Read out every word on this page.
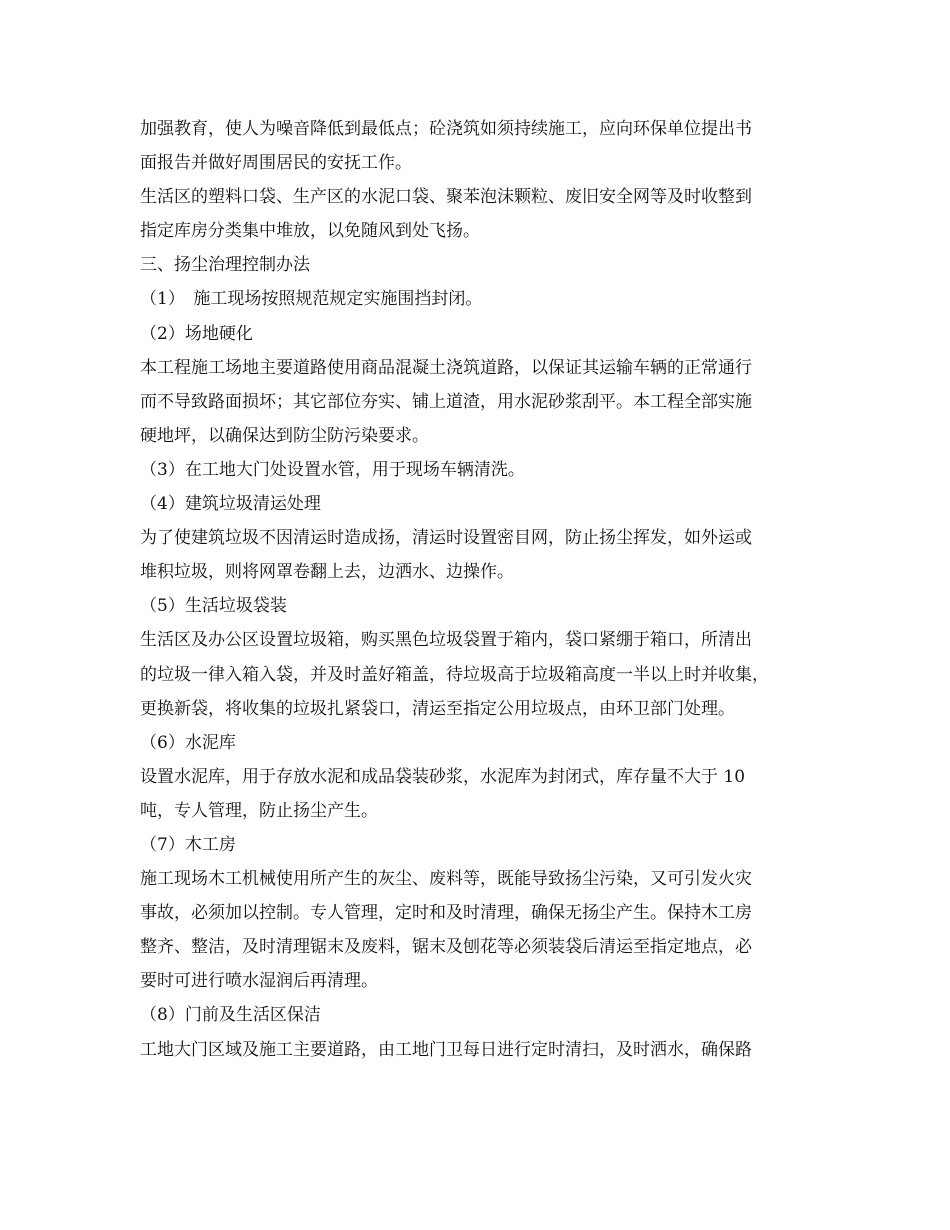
加强教育，使人为噪音降低到最低点；砼浇筑如须持续施工，应向环保单位提出书
面报告并做好周围居民的安抚工作。
生活区的塑料口袋、生产区的水泥口袋、聚苯泡沫颗粒、废旧安全网等及时收整到
指定库房分类集中堆放，以免随风到处飞扬。
三、扬尘治理控制办法
（1）　施工现场按照规范规定实施围挡封闭。
（2）场地硬化
本工程施工场地主要道路使用商品混凝土浇筑道路，以保证其运输车辆的正常通行
而不导致路面损坏；其它部位夯实、铺上道渣，用水泥砂浆刮平。本工程全部实施
硬地坪，以确保达到防尘防污染要求。
（3）在工地大门处设置水管，用于现场车辆清洗。
（4）建筑垃圾清运处理
为了使建筑垃圾不因清运时造成扬，清运时设置密目网，防止扬尘挥发，如外运或
堆积垃圾，则将网罩卷翻上去，边洒水、边操作。
（5）生活垃圾袋装
生活区及办公区设置垃圾箱，购买黑色垃圾袋置于箱内，袋口紧绷于箱口，所清出
的垃圾一律入箱入袋，并及时盖好箱盖，待垃圾高于垃圾箱高度一半以上时并收集，
更换新袋，将收集的垃圾扎紧袋口，清运至指定公用垃圾点，由环卫部门处理。
（6）水泥库
设置水泥库，用于存放水泥和成品袋装砂浆，水泥库为封闭式，库存量不大于 10
吨，专人管理，防止扬尘产生。
（7）木工房
施工现场木工机械使用所产生的灰尘、废料等，既能导致扬尘污染，又可引发火灾
事故，必须加以控制。专人管理，定时和及时清理，确保无扬尘产生。保持木工房
整齐、整洁，及时清理锯末及废料，锯末及刨花等必须装袋后清运至指定地点，必
要时可进行喷水湿润后再清理。
（8）门前及生活区保洁
工地大门区域及施工主要道路，由工地门卫每日进行定时清扫，及时洒水，确保路
